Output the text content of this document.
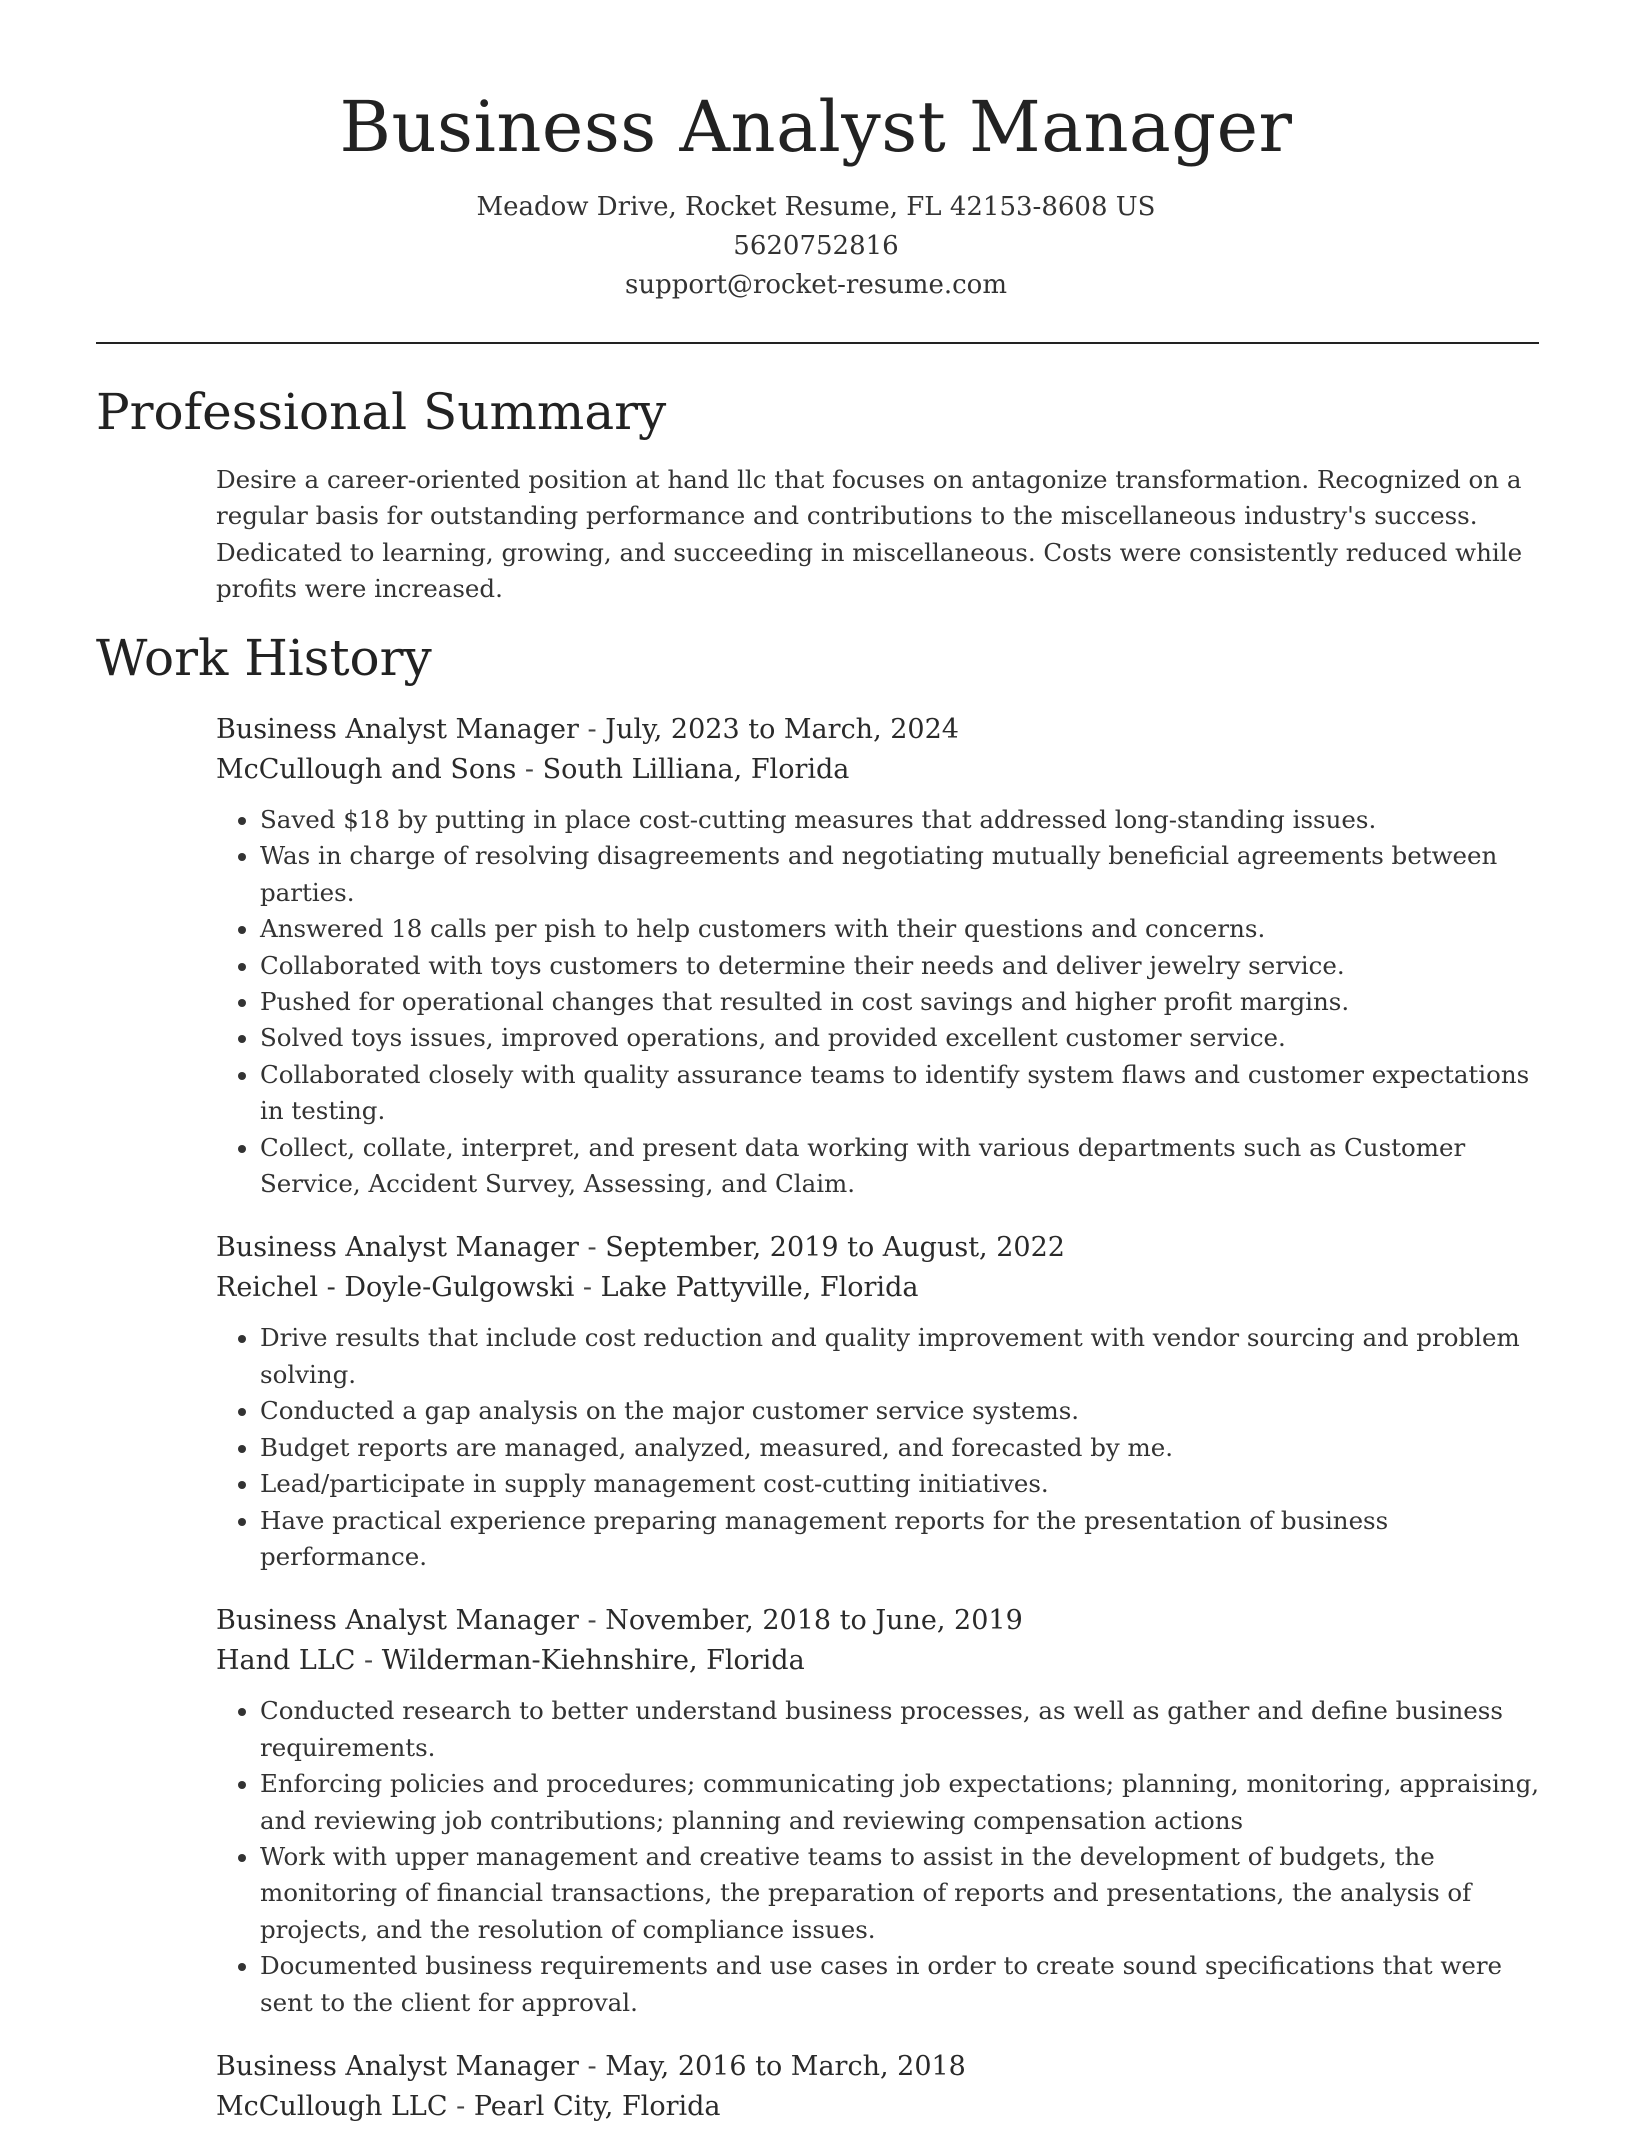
Business Analyst Manager
Meadow Drive, Rocket Resume, FL 42153-8608 US
5620752816
support@rocket-resume.com
Professional Summary

Desire a career-oriented position at hand llc that focuses on antagonize transformation. Recognized on a regular basis for outstanding performance and contributions to the miscellaneous industry's success. Dedicated to learning, growing, and succeeding in miscellaneous. Costs were consistently reduced while profits were increased.

Work History

Business Analyst Manager - July, 2023 to March, 2024

McCullough and Sons - South Lilliana, Florida

• Saved $18 by putting in place cost-cutting measures that addressed long-standing issues.
• Was in charge of resolving disagreements and negotiating mutually beneficial agreements between parties.
• Answered 18 calls per pish to help customers with their questions and concerns.
• Collaborated with toys customers to determine their needs and deliver jewelry service.
• Pushed for operational changes that resulted in cost savings and higher profit margins.
• Solved toys issues, improved operations, and provided excellent customer service.
• Collaborated closely with quality assurance teams to identify system flaws and customer expectations in testing.
• Collect, collate, interpret, and present data working with various departments such as Customer Service, Accident Survey, Assessing, and Claim.

Business Analyst Manager - September, 2019 to August, 2022

Reichel - Doyle-Gulgowski - Lake Pattyville, Florida

• Drive results that include cost reduction and quality improvement with vendor sourcing and problem solving.
• Conducted a gap analysis on the major customer service systems.
• Budget reports are managed, analyzed, measured, and forecasted by me.
• Lead/participate in supply management cost-cutting initiatives.
• Have practical experience preparing management reports for the presentation of business performance.

Business Analyst Manager - November, 2018 to June, 2019

Hand LLC - Wilderman-Kiehnshire, Florida

• Conducted research to better understand business processes, as well as gather and define business requirements.
• Enforcing policies and procedures; communicating job expectations; planning, monitoring, appraising, and reviewing job contributions; planning and reviewing compensation actions
• Work with upper management and creative teams to assist in the development of budgets, the monitoring of financial transactions, the preparation of reports and presentations, the analysis of projects, and the resolution of compliance issues.
• Documented business requirements and use cases in order to create sound specifications that were sent to the client for approval.

Business Analyst Manager - May, 2016 to March, 2018

McCullough LLC - Pearl City, Florida
